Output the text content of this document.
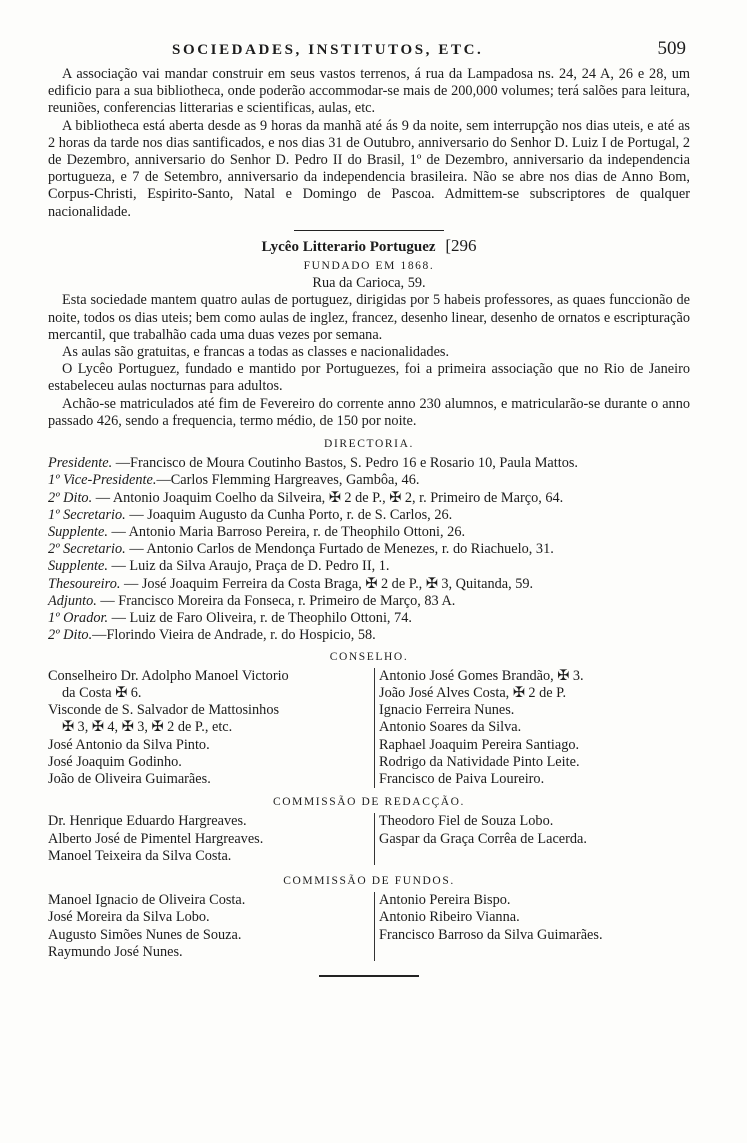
SOCIEDADES, INSTITUTOS, ETC.	509

A associação vai mandar construir em seus vastos terrenos, á rua da Lampadosa ns. 24, 24 A, 26 e 28, um edificio para a sua bibliotheca, onde poderão accommodar-se mais de 200,000 volumes; terá salões para leitura, reuniões, conferencias litterarias e scientificas, aulas, etc.

A bibliotheca está aberta desde as 9 horas da manhã até ás 9 da noite, sem interrupção nos dias uteis, e até as 2 horas da tarde nos dias santificados, e nos dias 31 de Outubro, anniversario do Senhor D. Luiz I de Portugal, 2 de Dezembro, anniversario do Senhor D. Pedro II do Brasil, 1º de Dezembro, anniversario da independencia portugueza, e 7 de Setembro, anniversario da independencia brasileira. Não se abre nos dias de Anno Bom, Corpus-Christi, Espirito-Santo, Natal e Domingo de Pascoa. Admittem-se subscriptores de qualquer nacionalidade.

Lycêo Litterario Portuguez [296
FUNDADO EM 1868.
Rua da Carioca, 59.

Esta sociedade mantem quatro aulas de portuguez, dirigidas por 5 habeis professores, as quaes funccionão de noite, todos os dias uteis; bem como aulas de inglez, francez, desenho linear, desenho de ornatos e escripturação mercantil, que trabalhão cada uma duas vezes por semana.

As aulas são gratuitas, e francas a todas as classes e nacionalidades.

O Lycêo Portuguez, fundado e mantido por Portuguezes, foi a primeira associação que no Rio de Janeiro estabeleceu aulas nocturnas para adultos.

Achão-se matriculados até fim de Fevereiro do corrente anno 230 alumnos, e matricularão-se durante o anno passado 426, sendo a frequencia, termo médio, de 150 por noite.

DIRECTORIA.
Presidente. —Francisco de Moura Coutinho Bastos, S. Pedro 16 e Rosario 10, Paula Mattos.
1º Vice-Presidente.—Carlos Flemming Hargreaves, Gambôa, 46.
2º Dito. — Antonio Joaquim Coelho da Silveira, ✠ 2 de P., ✠ 2, r. Primeiro de Março, 64.
1º Secretario. — Joaquim Augusto da Cunha Porto, r. de S. Carlos, 26.
Supplente. — Antonio Maria Barroso Pereira, r. de Theophilo Ottoni, 26.
2º Secretario. — Antonio Carlos de Mendonça Furtado de Menezes, r. do Riachuelo, 31.
Supplente. — Luiz da Silva Araujo, Praça de D. Pedro II, 1.
Thesoureiro. — José Joaquim Ferreira da Costa Braga, ✠ 2 de P., ✠ 3, Quitanda, 59.
Adjunto. — Francisco Moreira da Fonseca, r. Primeiro de Março, 83 A.
1º Orador. — Luiz de Faro Oliveira, r. de Theophilo Ottoni, 74.
2º Dito.—Florindo Vieira de Andrade, r. do Hospicio, 58.
CONSELHO.
Conselheiro Dr. Adolpho Manoel Victorio
da Costa ✠ 6.
Visconde de S. Salvador de Mattosinhos
✠ 3, ✠ 4, ✠ 3, ✠ 2 de P., etc.
José Antonio da Silva Pinto.
José Joaquim Godinho.
João de Oliveira Guimarães.
Antonio José Gomes Brandão, ✠ 3.
João José Alves Costa, ✠ 2 de P.
Ignacio Ferreira Nunes.
Antonio Soares da Silva.
Raphael Joaquim Pereira Santiago.
Rodrigo da Natividade Pinto Leite.
Francisco de Paiva Loureiro.
COMMISSÃO DE REDACÇÃO.
Dr. Henrique Eduardo Hargreaves.
Alberto José de Pimentel Hargreaves.
Manoel Teixeira da Silva Costa.
Theodoro Fiel de Souza Lobo.
Gaspar da Graça Corrêa de Lacerda.
COMMISSÃO DE FUNDOS.
Manoel Ignacio de Oliveira Costa.
José Moreira da Silva Lobo.
Augusto Simões Nunes de Souza.
Raymundo José Nunes.
Antonio Pereira Bispo.
Antonio Ribeiro Vianna.
Francisco Barroso da Silva Guimarães.
